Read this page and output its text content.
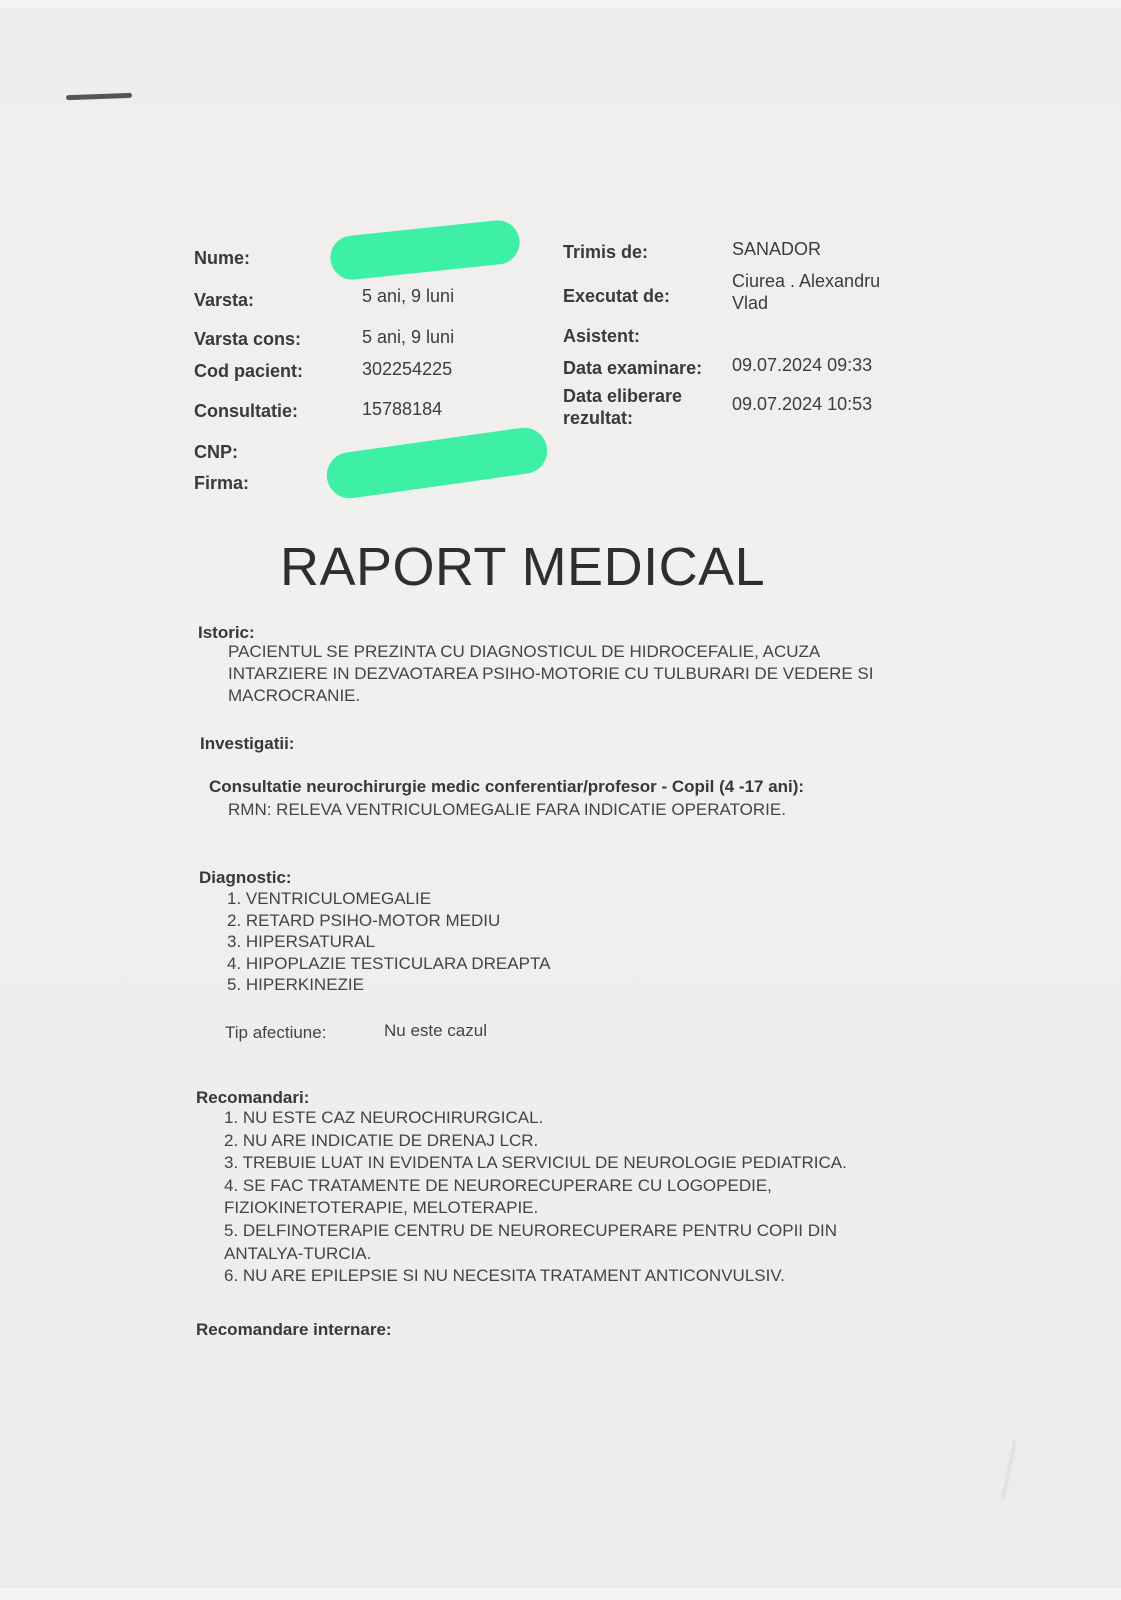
Nume:
Varsta:	5 ani, 9 luni
Varsta cons:	5 ani, 9 luni
Cod pacient:	302254225
Consultatie:	15788184
CNP:
Firma:
Trimis de:	SANADOR
Executat de:
Ciurea . Alexandru
Vlad
Asistent:
Data examinare: 09.07.2024 09:33
Data eliberare
rezultat:
09.07.2024 10:53
RAPORT MEDICAL
Istoric:
PACIENTUL SE PREZINTA CU DIAGNOSTICUL DE HIDROCEFALIE, ACUZA
INTARZIERE IN DEZVAOTAREA PSIHO-MOTORIE CU TULBURARI DE VEDERE SI
MACROCRANIE.
Investigatii:
Consultatie neurochirurgie medic conferentiar/profesor - Copil (4 -17 ani):
RMN: RELEVA VENTRICULOMEGALIE FARA INDICATIE OPERATORIE.
Diagnostic:
1. VENTRICULOMEGALIE
2. RETARD PSIHO-MOTOR MEDIU
3. HIPERSATURAL
4. HIPOPLAZIE TESTICULARA DREAPTA
5. HIPERKINEZIE
Tip afectiune:	Nu este cazul
Recomandari:
1. NU ESTE CAZ NEUROCHIRURGICAL.
2. NU ARE INDICATIE DE DRENAJ LCR.
3. TREBUIE LUAT IN EVIDENTA LA SERVICIUL DE NEUROLOGIE PEDIATRICA.
4. SE FAC TRATAMENTE DE NEURORECUPERARE CU LOGOPEDIE,
FIZIOKINETOTERAPIE, MELOTERAPIE.
5. DELFINOTERAPIE CENTRU DE NEURORECUPERARE PENTRU COPII DIN
ANTALYA-TURCIA.
6. NU ARE EPILEPSIE SI NU NECESITA TRATAMENT ANTICONVULSIV.
Recomandare internare:
